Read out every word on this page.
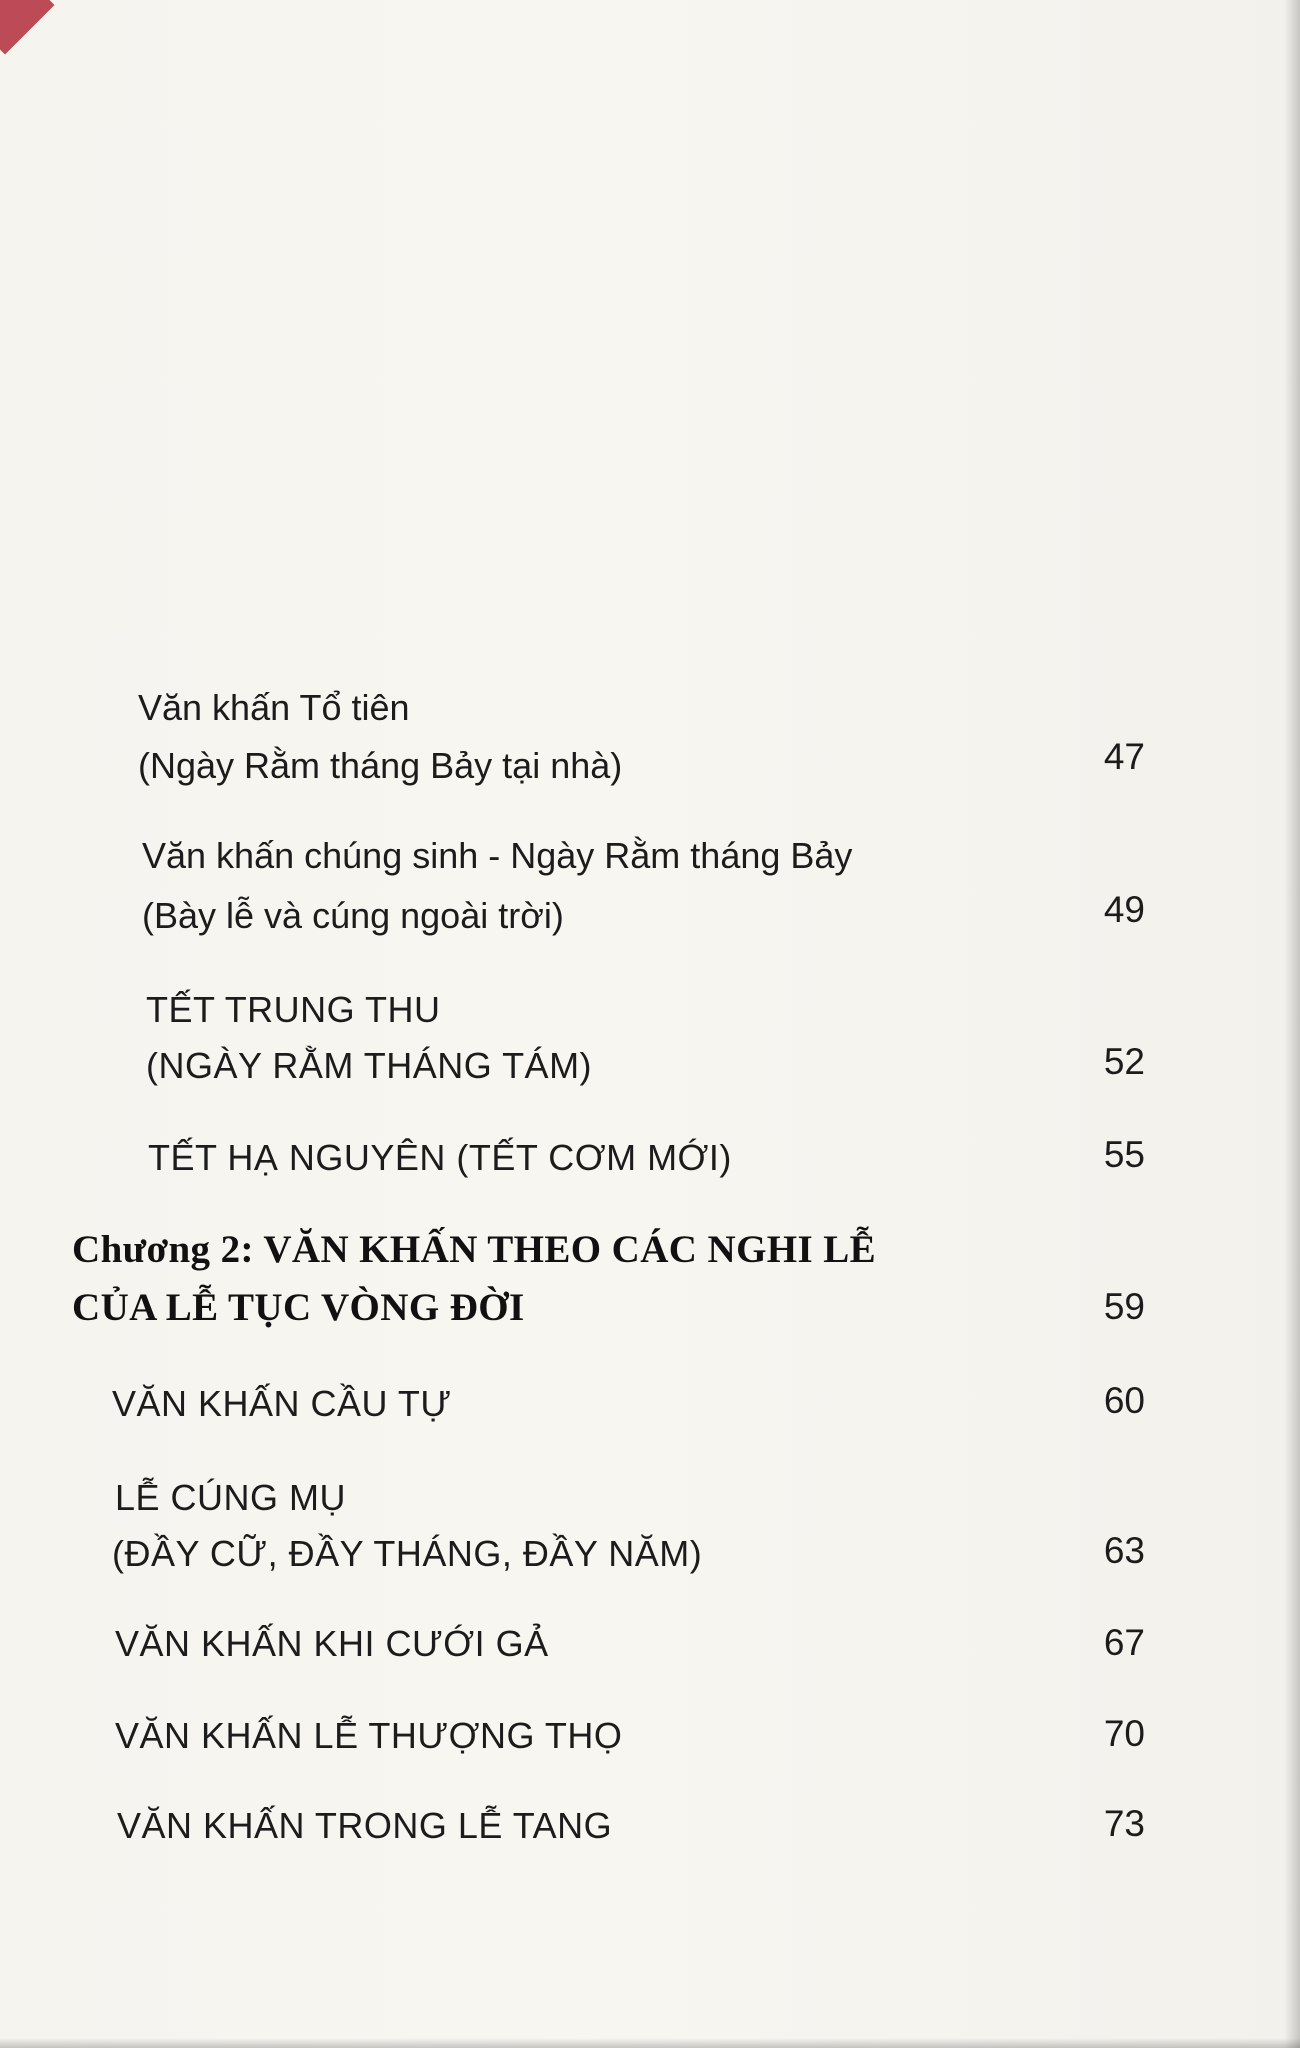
Văn khấn Tổ tiên
(Ngày Rằm tháng Bảy tại nhà)	47
Văn khấn chúng sinh - Ngày Rằm tháng Bảy
(Bày lễ và cúng ngoài trời)	49
TẾT TRUNG THU
(NGÀY RẰM THÁNG TÁM)	52
TẾT HẠ NGUYÊN (TẾT CƠM MỚI)	55
Chương 2: VĂN KHẤN THEO CÁC NGHI LỄ
CỦA LỄ TỤC VÒNG ĐỜI	59
VĂN KHẤN CẦU TỰ	60
LỄ CÚNG MỤ
(ĐẦY CỮ, ĐẦY THÁNG, ĐẦY NĂM)	63
VĂN KHẤN KHI CƯỚI GẢ	67
VĂN KHẤN LỄ THƯỢNG THỌ	70
VĂN KHẤN TRONG LỄ TANG	73
